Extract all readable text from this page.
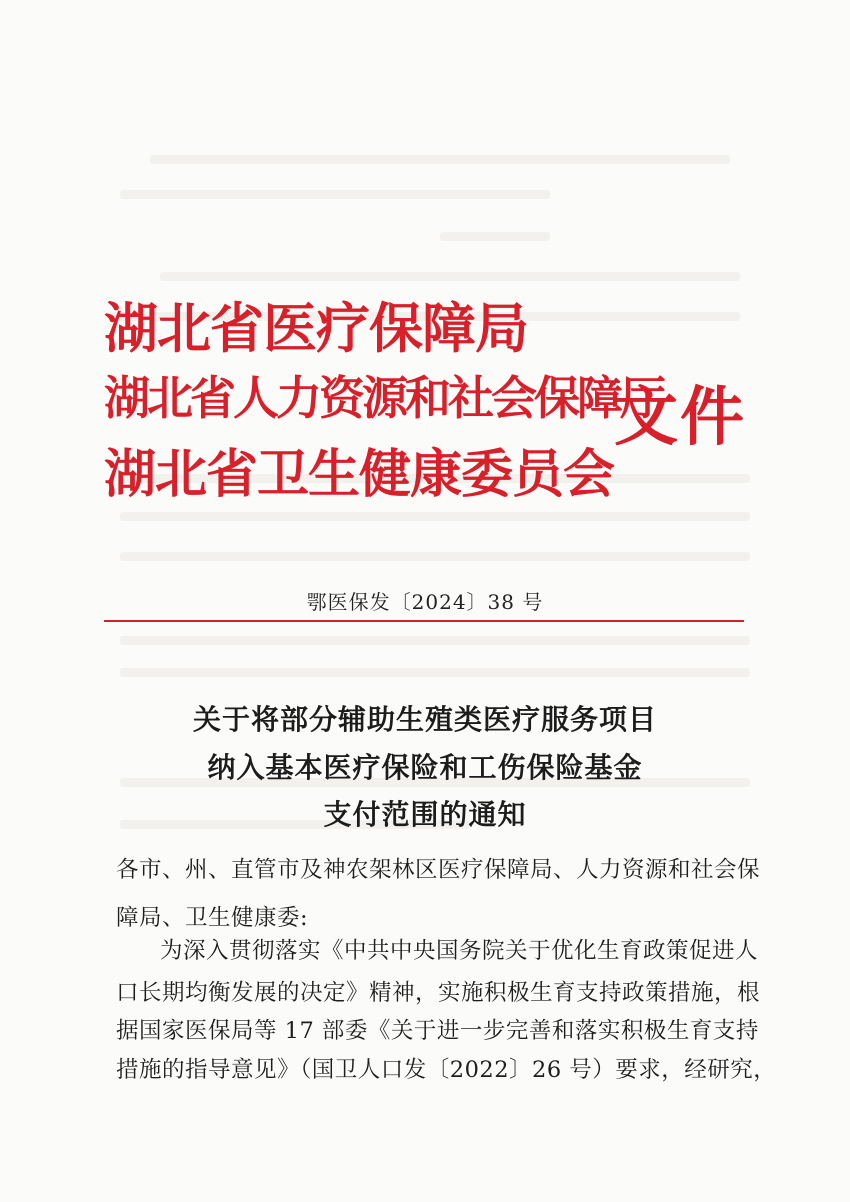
湖北省医疗保障局
湖北省人力资源和社会保障厅
湖北省卫生健康委员会
文件
鄂医保发〔2024〕38 号
关于将部分辅助生殖类医疗服务项目
纳入基本医疗保险和工伤保险基金
支付范围的通知
各市、州、直管市及神农架林区医疗保障局、人力资源和社会保
障局、卫生健康委:
为深入贯彻落实《中共中央国务院关于优化生育政策促进人
口长期均衡发展的决定》精神，实施积极生育支持政策措施，根
据国家医保局等 17 部委《关于进一步完善和落实积极生育支持
措施的指导意见》（国卫人口发〔2022〕26 号）要求，经研究，
